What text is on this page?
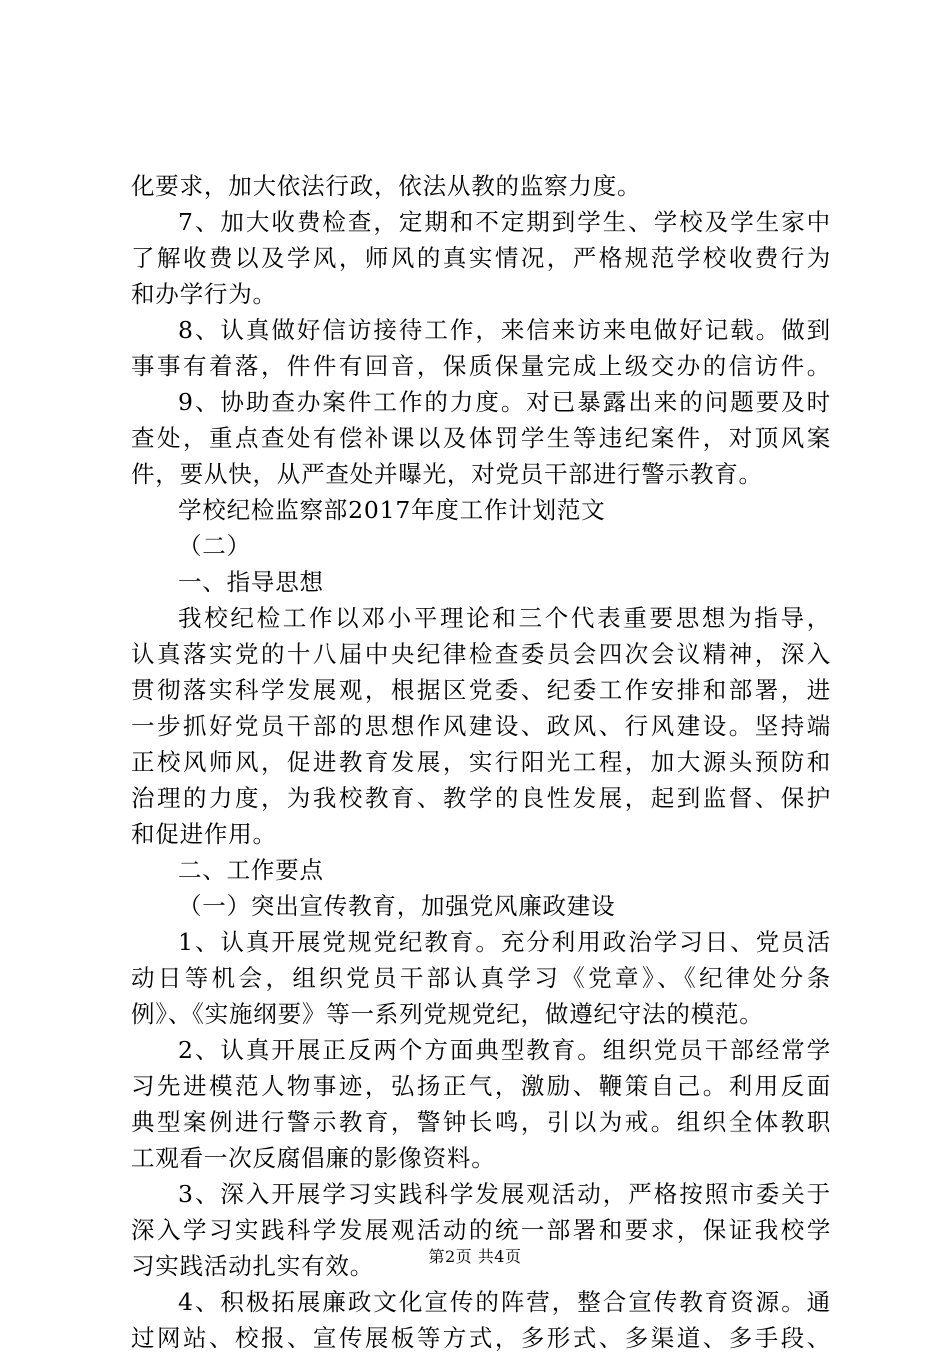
化要求，加大依法行政，依法从教的监察力度。
7、加大收费检查，定期和不定期到学生、学校及学生家中
了解收费以及学风，师风的真实情况，严格规范学校收费行为
和办学行为。
8、认真做好信访接待工作，来信来访来电做好记载。做到
事事有着落，件件有回音，保质保量完成上级交办的信访件。
9、协助查办案件工作的力度。对已暴露出来的问题要及时
查处，重点查处有偿补课以及体罚学生等违纪案件，对顶风案
件，要从快，从严查处并曝光，对党员干部进行警示教育。
学校纪检监察部2017年度工作计划范文
（二）
一、指导思想
我校纪检工作以邓小平理论和三个代表重要思想为指导，
认真落实党的十八届中央纪律检查委员会四次会议精神，深入
贯彻落实科学发展观，根据区党委、纪委工作安排和部署，进
一步抓好党员干部的思想作风建设、政风、行风建设。坚持端
正校风师风，促进教育发展，实行阳光工程，加大源头预防和
治理的力度，为我校教育、教学的良性发展，起到监督、保护
和促进作用。
二、工作要点
（一）突出宣传教育，加强党风廉政建设
1、认真开展党规党纪教育。充分利用政治学习日、党员活
动日等机会，组织党员干部认真学习《党章》、《纪律处分条
例》、《实施纲要》等一系列党规党纪，做遵纪守法的模范。
2、认真开展正反两个方面典型教育。组织党员干部经常学
习先进模范人物事迹，弘扬正气，激励、鞭策自己。利用反面
典型案例进行警示教育，警钟长鸣，引以为戒。组织全体教职
工观看一次反腐倡廉的影像资料。
3、深入开展学习实践科学发展观活动，严格按照市委关于
深入学习实践科学发展观活动的统一部署和要求，保证我校学
习实践活动扎实有效。
4、积极拓展廉政文化宣传的阵营，整合宣传教育资源。通
过网站、校报、宣传展板等方式，多形式、多渠道、多手段、
第2页 共4页
